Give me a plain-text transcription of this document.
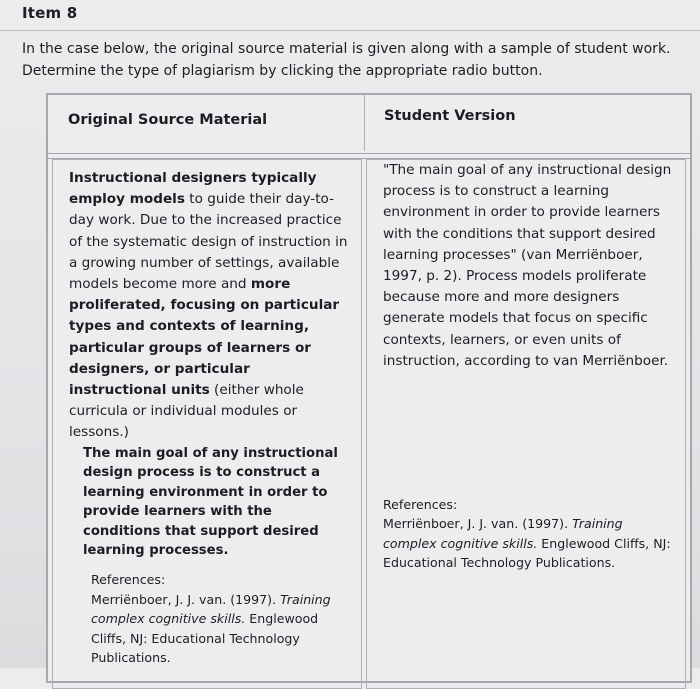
Item 8
In the case below, the original source material is given along with a sample of student work. Determine the type of plagiarism by clicking the appropriate radio button.
Original Source Material	Student Version
Instructional designers typically employ models to guide their day-to-day work. Due to the increased practice of the systematic design of instruction in a growing number of settings, available models become more and more proliferated, focusing on particular types and contexts of learning, particular groups of learners or designers, or particular instructional units (either whole curricula or individual modules or lessons.)
The main goal of any instructional design process is to construct a learning environment in order to provide learners with the conditions that support desired learning processes.
References:
Merriënboer, J. J. van. (1997). Training complex cognitive skills. Englewood Cliffs, NJ: Educational Technology Publications.
"The main goal of any instructional design process is to construct a learning environment in order to provide learners with the conditions that support desired learning processes" (van Merriënboer, 1997, p. 2). Process models proliferate because more and more designers generate models that focus on specific contexts, learners, or even units of instruction, according to van Merriënboer.
References:
Merriënboer, J. J. van. (1997). Training complex cognitive skills. Englewood Cliffs, NJ: Educational Technology Publications.
